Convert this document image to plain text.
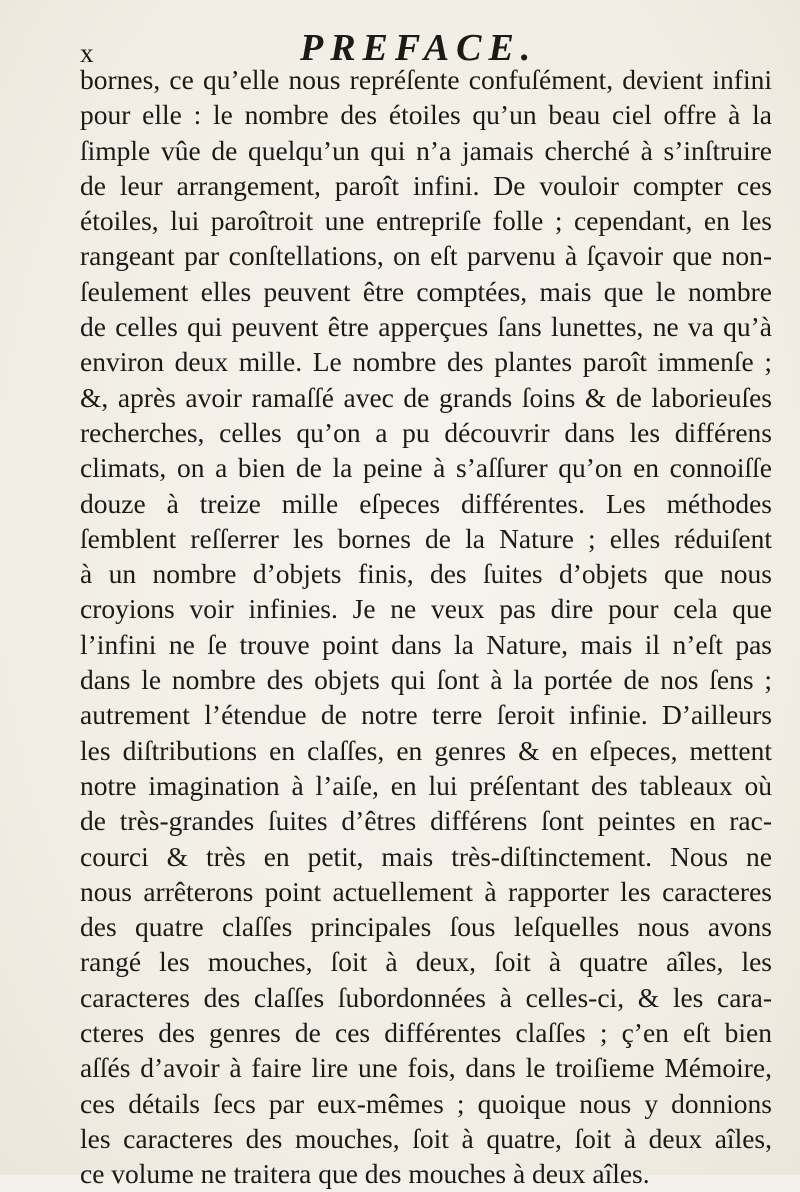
x	PREFACE.
bornes, ce qu’elle nous repréſente confuſément, devient infini
pour elle : le nombre des étoiles qu’un beau ciel offre à la
ſimple vûe de quelqu’un qui n’a jamais cherché à s’inſtruire
de leur arrangement, paroît infini. De vouloir compter ces
étoiles, lui paroîtroit une entrepriſe folle ; cependant, en les
rangeant par conſtellations, on eſt parvenu à ſçavoir que non-
ſeulement elles peuvent être comptées, mais que le nombre
de celles qui peuvent être apperçues ſans lunettes, ne va qu’à
environ deux mille. Le nombre des plantes paroît immenſe ;
&, après avoir ramaſſé avec de grands ſoins & de laborieuſes
recherches, celles qu’on a pu découvrir dans les différens
climats, on a bien de la peine à s’aſſurer qu’on en connoiſſe
douze à treize mille eſpeces différentes. Les méthodes
ſemblent reſſerrer les bornes de la Nature ; elles réduiſent
à un nombre d’objets finis, des ſuites d’objets que nous
croyions voir infinies. Je ne veux pas dire pour cela que
l’infini ne ſe trouve point dans la Nature, mais il n’eſt pas
dans le nombre des objets qui ſont à la portée de nos ſens ;
autrement l’étendue de notre terre ſeroit infinie. D’ailleurs
les diſtributions en claſſes, en genres & en eſpeces, mettent
notre imagination à l’aiſe, en lui préſentant des tableaux où
de très-grandes ſuites d’êtres différens ſont peintes en rac-
courci & très en petit, mais très-diſtinctement. Nous ne
nous arrêterons point actuellement à rapporter les caracteres
des quatre claſſes principales ſous leſquelles nous avons
rangé les mouches, ſoit à deux, ſoit à quatre aîles, les
caracteres des claſſes ſubordonnées à celles-ci, & les cara-
cteres des genres de ces différentes claſſes ; ç’en eſt bien
aſſés d’avoir à faire lire une fois, dans le troiſieme Mémoire,
ces détails ſecs par eux-mêmes ; quoique nous y donnions
les caracteres des mouches, ſoit à quatre, ſoit à deux aîles,
ce volume ne traitera que des mouches à deux aîles.
